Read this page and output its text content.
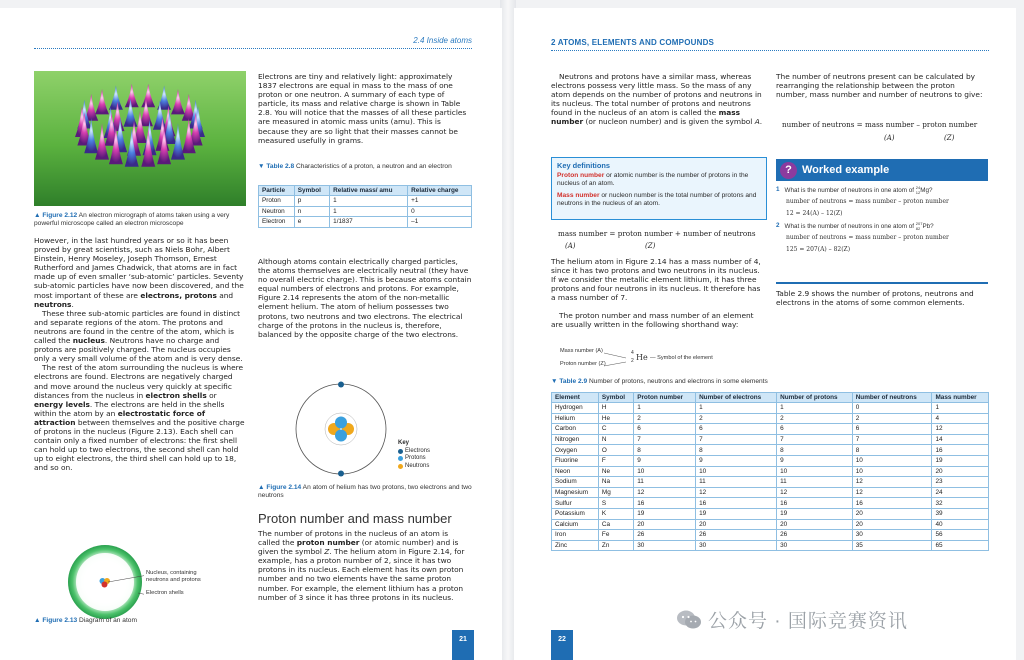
2.4 Inside atoms
▲ Figure 2.12 An electron micrograph of atoms taken using a very powerful microscope called an electron microscope

However, in the last hundred years or so it has been proved by great scientists, such as Niels Bohr, Albert Einstein, Henry Moseley, Joseph Thomson, Ernest Rutherford and James Chadwick, that atoms are in fact made up of even smaller ‘sub-atomic’ particles. Seventy sub-atomic particles have now been discovered, and the most important of these are electrons, protons and neutrons.

These three sub-atomic particles are found in distinct and separate regions of the atom. The protons and neutrons are found in the centre of the atom, which is called the nucleus. Neutrons have no charge and protons are positively charged. The nucleus occupies only a very small volume of the atom and is very dense.

The rest of the atom surrounding the nucleus is where electrons are found. Electrons are negatively charged and move around the nucleus very quickly at specific distances from the nucleus in electron shells or energy levels. The electrons are held in the shells within the atom by an electrostatic force of attraction between themselves and the positive charge of protons in the nucleus (Figure 2.13). Each shell can contain only a fixed number of electrons: the first shell can hold up to two electrons, the second shell can hold up to eight electrons, the third shell can hold up to 18, and so on.

Nucleus, containing neutrons and protons
Electron shells
▲ Figure 2.13 Diagram of an atom
Electrons are tiny and relatively light: approximately 1837 electrons are equal in mass to the mass of one proton or one neutron. A summary of each type of particle, its mass and relative charge is shown in Table 2.8. You will notice that the masses of all these particles are measured in atomic mass units (amu). This is because they are so light that their masses cannot be measured usefully in grams.
▼ Table 2.8 Characteristics of a proton, a neutron and an electron
Particle	Symbol	Relative mass/ amu	Relative charge
Proton	p	1	+1
Neutron	n	1	0
Electron	e	1/1837	–1
Although atoms contain electrically charged particles, the atoms themselves are electrically neutral (they have no overall electric charge). This is because atoms contain equal numbers of electrons and protons. For example, Figure 2.14 represents the atom of the non-metallic element helium. The atom of helium possesses two protons, two neutrons and two electrons. The electrical charge of the protons in the nucleus is, therefore, balanced by the opposite charge of the two electrons.
Key
Electrons
Protons
Neutrons
▲ Figure 2.14 An atom of helium has two protons, two electrons and two neutrons
Proton number and mass number
The number of protons in the nucleus of an atom is called the proton number (or atomic number) and is given the symbol Z. The helium atom in Figure 2.14, for example, has a proton number of 2, since it has two protons in its nucleus. Each element has its own proton number and no two elements have the same proton number. For example, the element lithium has a proton number of 3 since it has three protons in its nucleus.
21
2 ATOMS, ELEMENTS AND COMPOUNDS
Neutrons and protons have a similar mass, whereas electrons possess very little mass. So the mass of any atom depends on the number of protons and neutrons in its nucleus. The total number of protons and neutrons found in the nucleus of an atom is called the mass number (or nucleon number) and is given the symbol A.
Key definitions

Proton number or atomic number is the number of protons in the nucleus of an atom.

Mass number or nucleon number is the total number of protons and neutrons in the nucleus of an atom.

mass number = proton number + number of neutrons
(A)	(Z)
The helium atom in Figure 2.14 has a mass number of 4, since it has two protons and two neutrons in its nucleus. If we consider the metallic element lithium, it has three protons and four neutrons in its nucleus. It therefore has a mass number of 7.
The proton number and mass number of an element are usually written in the following shorthand way:
Mass number (A)
Proton number (Z)
4
2 He — Symbol of the element
The number of neutrons present can be calculated by rearranging the relationship between the proton number, mass number and number of neutrons to give:
number of neutrons = mass number – proton number
(A)	(Z)
? Worked example
1 What is the number of neutrons in one atom of 24
12 Mg?
number of neutrons = mass number – proton number
12 = 24(A) – 12(Z)
2 What is the number of neutrons in one atom of 207
82 Pb?
number of neutrons = mass number – proton number
125 = 207(A) – 82(Z)
Table 2.9 shows the number of protons, neutrons and electrons in the atoms of some common elements.
▼ Table 2.9 Number of protons, neutrons and electrons in some elements
Element	Symbol	Proton number	Number of electrons	Number of protons	Number of neutrons	Mass number
Hydrogen	H	1	1	1	0	1
Helium	He	2	2	2	2	4
Carbon	C	6	6	6	6	12
Nitrogen	N	7	7	7	7	14
Oxygen	O	8	8	8	8	16
Fluorine	F	9	9	9	10	19
Neon	Ne	10	10	10	10	20
Sodium	Na	11	11	11	12	23
Magnesium	Mg	12	12	12	12	24
Sulfur	S	16	16	16	16	32
Potassium	K	19	19	19	20	39
Calcium	Ca	20	20	20	20	40
Iron	Fe	26	26	26	30	56
Zinc	Zn	30	30	30	35	65
22
公众号 · 国际竞赛资讯
